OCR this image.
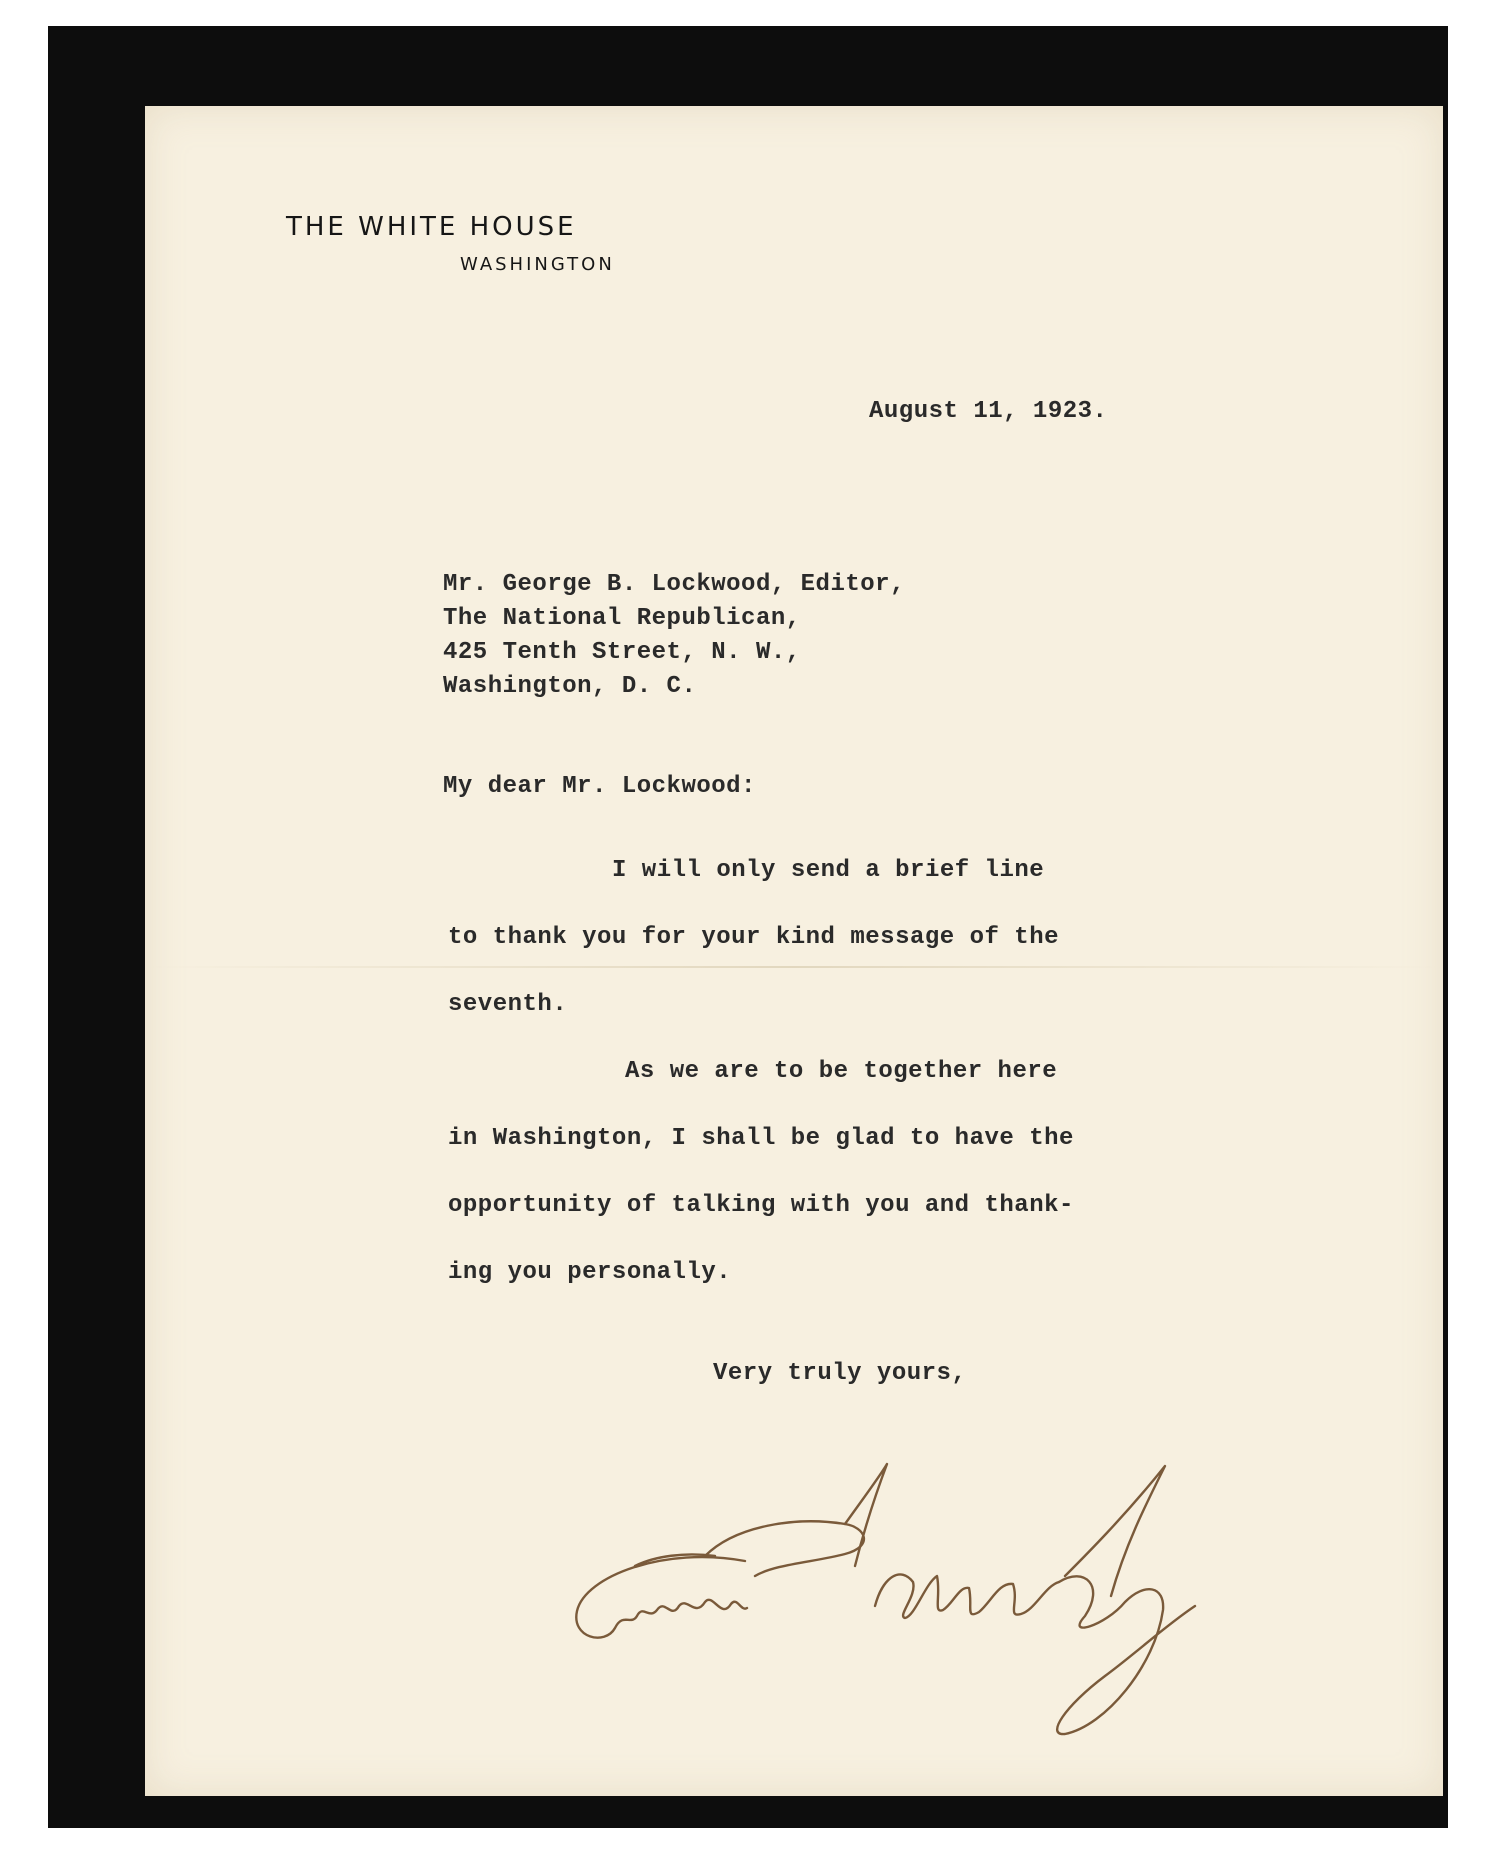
THE WHITE HOUSE
WASHINGTON
August 11, 1923.
Mr. George B. Lockwood, Editor,
The National Republican,
425 Tenth Street, N. W.,
Washington, D. C.
My dear Mr. Lockwood:
I will only send a brief line
to thank you for your kind message of the
seventh.
As we are to be together here
in Washington, I shall be glad to have the
opportunity of talking with you and thank-
ing you personally.
Very truly yours,
